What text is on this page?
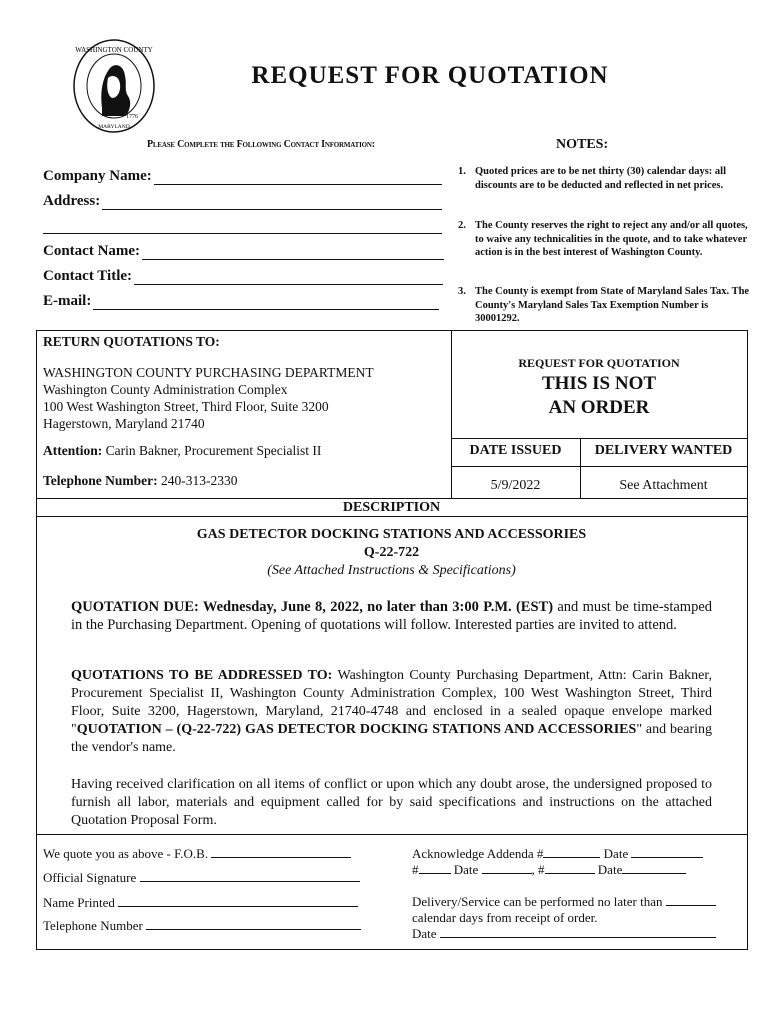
WASHINGTON COUNTY
1776
MARYLAND
REQUEST FOR QUOTATION
Please Complete the Following Contact Information:	NOTES:
Company Name:
Address:
Contact Name:
Contact Title:
E-mail:
1. Quoted prices are to be net thirty (30) calendar days: all discounts are to be deducted and reflected in net prices.
2. The County reserves the right to reject any and/or all quotes, to waive any technicalities in the quote, and to take whatever action is in the best interest of Washington County.
3. The County is exempt from State of Maryland Sales Tax. The County's Maryland Sales Tax Exemption Number is 30001292.
RETURN QUOTATIONS TO:
WASHINGTON COUNTY PURCHASING DEPARTMENT
Washington County Administration Complex
100 West Washington Street, Third Floor, Suite 3200
Hagerstown, Maryland 21740
Attention: Carin Bakner, Procurement Specialist II
Telephone Number: 240-313-2330
REQUEST FOR QUOTATION
THIS IS NOT
AN ORDER
DATE ISSUED	DELIVERY WANTED
5/9/2022	See Attachment
DESCRIPTION
GAS DETECTOR DOCKING STATIONS AND ACCESSORIES
Q-22-722
(See Attached Instructions & Specifications)
QUOTATION DUE: Wednesday, June 8, 2022, no later than 3:00 P.M. (EST) and must be time-stamped in the Purchasing Department. Opening of quotations will follow. Interested parties are invited to attend.
QUOTATIONS TO BE ADDRESSED TO: Washington County Purchasing Department, Attn: Carin Bakner, Procurement Specialist II, Washington County Administration Complex, 100 West Washington Street, Third Floor, Suite 3200, Hagerstown, Maryland, 21740-4748 and enclosed in a sealed opaque envelope marked "QUOTATION – (Q-22-722) GAS DETECTOR DOCKING STATIONS AND ACCESSORIES" and bearing the vendor's name.
Having received clarification on all items of conflict or upon which any doubt arose, the undersigned proposed to furnish all labor, materials and equipment called for by said specifications and instructions on the attached Quotation Proposal Form.
We quote you as above - F.O.B.
Official Signature
Name Printed
Telephone Number
Acknowledge Addenda #	Date
#	Date	, #	Date
Delivery/Service can be performed no later than
calendar days from receipt of order.
Date
